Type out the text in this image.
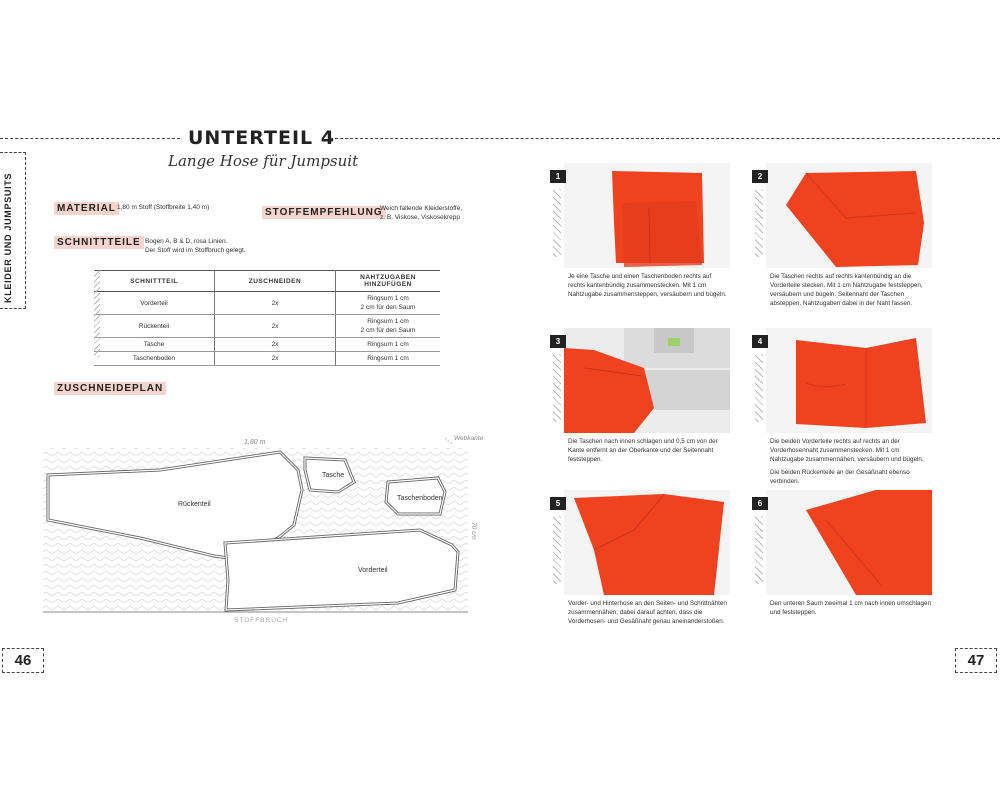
UNTERTEIL 4
Lange Hose für Jumpsuit
KLEIDER UND JUMPSUITS	MATERIAL 1,80 m Stoff (Stoffbreite 1,40 m)	STOFFEMPFEHLUNG
Weich fallende Kleiderstoffe,
z. B. Viskose, Viskosekrepp
SCHNITTTEILE Bogen A, B & D, rosa Linien.
Der Stoff wird im Stoffbruch gelegt.
SCHNITTTEIL	ZUSCHNEIDEN	NAHTZUGABEN HINZUFÜGEN
Vorderteil	2x	Ringsum 1 cm
2 cm für den Saum

Rückenteil	2x	Ringsum 1 cm
2 cm für den Saum

Tasche	2x	Ringsum 1 cm
Taschenboden	2x	Ringsum 1 cm
ZUSCHNEIDEPLAN
Rückenteil
Vorderteil
Tasche
Taschenboden
1,80 m
Webkante
STOFFBRUCH
70 cm
1
Je eine Tasche und einen Taschenboden rechts auf rechts kantenbündig zusammenstecken. Mit 1 cm Nahtzugabe zusammensteppen, versäubern und bügeln.
2
Die Taschen rechts auf rechts kantenbündig an die Vorderteile stecken. Mit 1 cm Nahtzugabe feststeppen, versäubern und bügeln. Seitennaht der Taschen absteppen, Nahtzugaben dabei in der Naht fassen.
3
Die Taschen nach innen schlagen und 0,5 cm von der Kante entfernt an der Oberkante und der Seitennaht feststeppen.
4
Die beiden Vorderteile rechts auf rechts an der Vorderhosennaht zusammenstecken. Mit 1 cm Nahtzugabe zusammennähen, versäubern und bügeln.
Die beiden Rückenteile an der Gesäßnaht ebenso verbinden.
5
Vorder- und Hinterhose an den Seiten- und Schrittnähten zusammennähen; dabei darauf achten, dass die Vorderhosen- und Gesäßnaht genau aneinanderstoßen.
6
Den unteren Saum zweimal 1 cm nach innen umschlagen und feststeppen.
46	47
